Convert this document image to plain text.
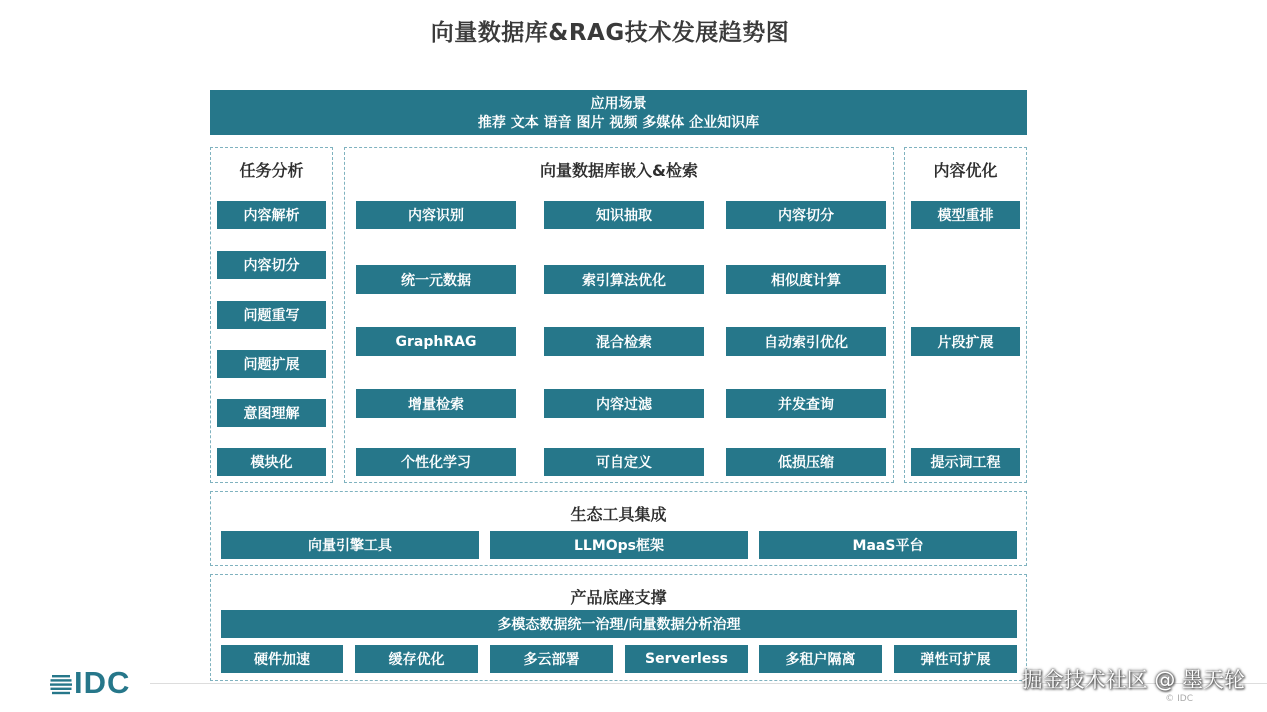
向量数据库&RAG技术发展趋势图
应用场景
推荐 文本 语音 图片 视频 多媒体 企业知识库
任务分析
内容解析
内容切分
问题重写
问题扩展
意图理解
模块化
向量数据库嵌入&检索
内容识别	知识抽取	内容切分
统一元数据	索引算法优化	相似度计算
GraphRAG	混合检索	自动索引优化
增量检索	内容过滤	并发查询
个性化学习	可自定义	低损压缩
内容优化
模型重排
片段扩展
提示词工程
生态工具集成
向量引擎工具	LLMOps框架	MaaS平台
产品底座支撑
多模态数据统一治理/向量数据分析治理
硬件加速	缓存优化	多云部署	Serverless	多租户隔离	弹性可扩展
IDC	掘金技术社区 @ 墨天轮
© IDC
